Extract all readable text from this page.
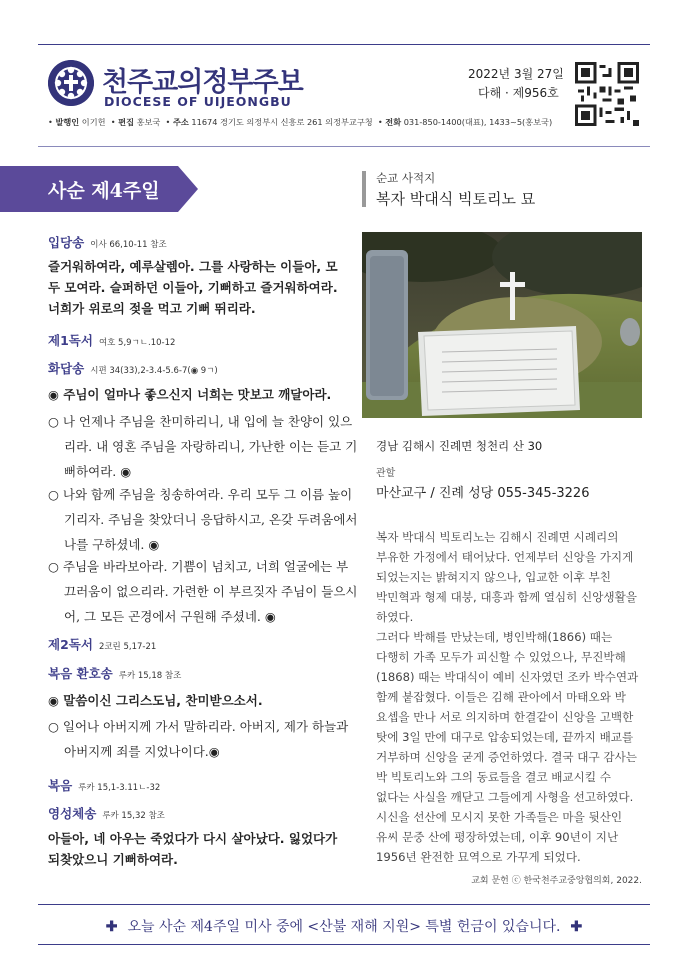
천주교의정부주보
DIOCESE OF UIJEONGBU
2022년 3월 27일
다해 · 제956호
• 발행인 이기헌  • 편집 홍보국  • 주소 11674 경기도 의정부시 신흥로 261 의정부교구청  • 전화 031-850-1400(대표), 1433~5(홍보국)
사순 제4주일
입당송 이사 66,10-11 참조
즐거워하여라, 예루살렘아. 그를 사랑하는 이들아, 모두 모여라. 슬퍼하던 이들아, 기뻐하고 즐거워하여라. 너희가 위로의 젖을 먹고 기뻐 뛰리라.
제1독서 여호 5,9ㄱㄴ.10-12
화답송 시편 34(33),2-3.4-5.6-7(◉ 9ㄱ)
◉ 주님이 얼마나 좋으신지 너희는 맛보고 깨달아라.
○ 나 언제나 주님을 찬미하리니, 내 입에 늘 찬양이 있으리라. 내 영혼 주님을 자랑하리니, 가난한 이는 듣고 기뻐하여라. ◉
○ 나와 함께 주님을 칭송하여라. 우리 모두 그 이름 높이 기리자. 주님을 찾았더니 응답하시고, 온갖 두려움에서 나를 구하셨네. ◉
○ 주님을 바라보아라. 기쁨이 넘치고, 너희 얼굴에는 부끄러움이 없으리라. 가련한 이 부르짖자 주님이 들으시어, 그 모든 곤경에서 구원해 주셨네. ◉
제2독서 2코린 5,17-21
복음 환호송 루카 15,18 참조
◉ 말씀이신 그리스도님, 찬미받으소서.
○ 일어나 아버지께 가서 말하리라. 아버지, 제가 하늘과 아버지께 죄를 지었나이다.◉
복음 루카 15,1-3.11ㄴ-32
영성체송 루카 15,32 참조
아들아, 네 아우는 죽었다가 다시 살아났다. 잃었다가 되찾았으니 기뻐하여라.
순교 사적지
복자 박대식 빅토리노 묘
경남 김해시 진례면 청천리 산 30
관할
마산교구 / 진례 성당 055-345-3226

복자 박대식 빅토리노는 김해시 진례면 시례리의 부유한 가정에서 태어났다. 언제부터 신앙을 가지게 되었는지는 밝혀지지 않으나, 입교한 이후 부친 박민혁과 형제 대붕, 대흥과 함께 열심히 신앙생활을 하였다.

그러다 박해를 만났는데, 병인박해(1866) 때는 다행히 가족 모두가 피신할 수 있었으나, 무진박해(1868) 때는 박대식이 예비 신자였던 조카 박수연과 함께 붙잡혔다. 이들은 김해 관아에서 마태오와 박 요셉을 만나 서로 의지하며 한결같이 신앙을 고백한 탓에 3일 만에 대구로 압송되었는데, 끝까지 배교를 거부하며 신앙을 굳게 증언하였다. 결국 대구 감사는 박 빅토리노와 그의 동료들을 결코 배교시킬 수 없다는 사실을 깨닫고 그들에게 사형을 선고하였다.

시신을 선산에 모시지 못한 가족들은 마을 뒷산인 유씨 문중 산에 평장하였는데, 이후 90년이 지난 1956년 완전한 묘역으로 가꾸게 되었다.

교회 문헌 ⓒ 한국천주교중앙협의회, 2022.
✚ 오늘 사순 제4주일 미사 중에 <산불 재해 지원> 특별 헌금이 있습니다. ✚
